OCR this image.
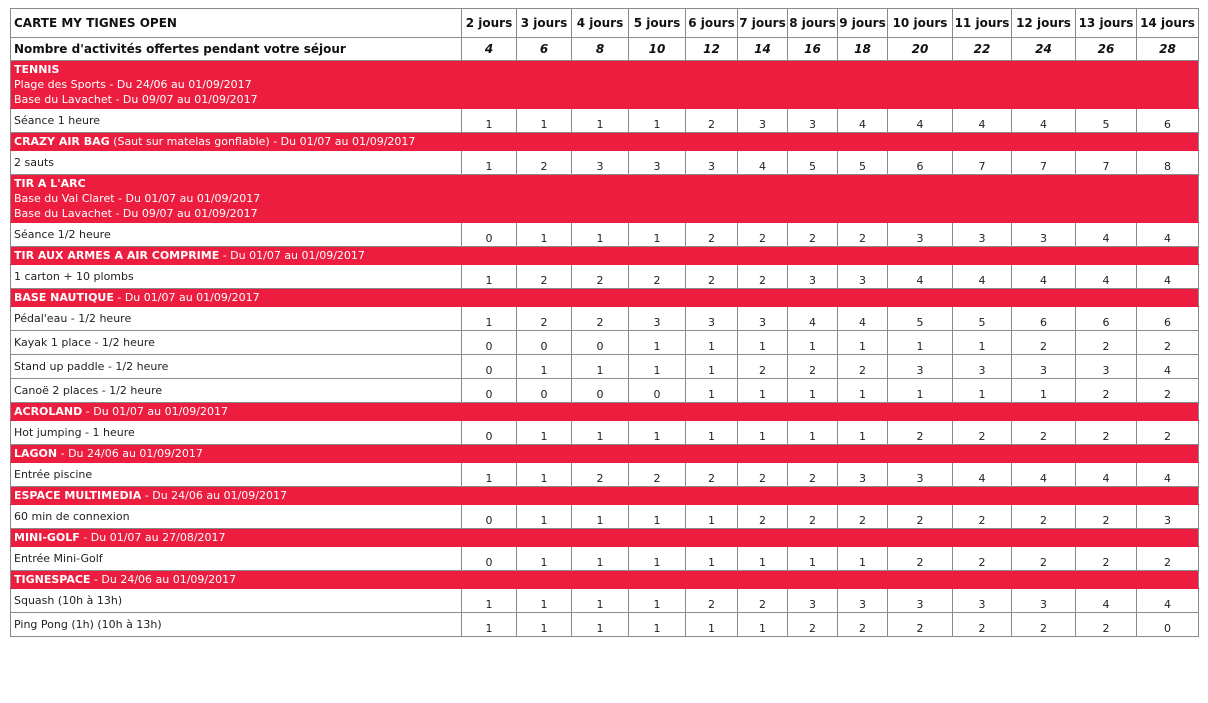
CARTE MY TIGNES OPEN	2 jours	3 jours	4 jours	5 jours	6 jours	7 jours	8 jours	9 jours	10 jours	11 jours	12 jours	13 jours	14 jours
Nombre d'activités offertes pendant votre séjour	4	6	8	10	12	14	16	18	20	22	24	26	28

TENNIS
Plage des Sports - Du 24/06 au 01/09/2017
Base du Lavachet - Du 09/07 au 01/09/2017													

Séance 1 heure	1	1	1	1	2	3	3	4	4	4	4	5	6

CRAZY AIR BAG (Saut sur matelas gonflable) - Du 01/07 au 01/09/2017													

2 sauts	1	2	3	3	3	4	5	5	6	7	7	7	8

TIR A L'ARC
Base du Val Claret - Du 01/07 au 01/09/2017
Base du Lavachet - Du 09/07 au 01/09/2017													

Séance 1/2 heure	0	1	1	1	2	2	2	2	3	3	3	4	4

TIR AUX ARMES A AIR COMPRIME - Du 01/07 au 01/09/2017													

1 carton + 10 plombs	1	2	2	2	2	2	3	3	4	4	4	4	4

BASE NAUTIQUE - Du 01/07 au 01/09/2017													

Pédal'eau - 1/2 heure	1	2	2	3	3	3	4	4	5	5	6	6	6
Kayak 1 place - 1/2 heure	0	0	0	1	1	1	1	1	1	1	2	2	2
Stand up paddle - 1/2 heure	0	1	1	1	1	2	2	2	3	3	3	3	4
Canoë 2 places - 1/2 heure	0	0	0	0	1	1	1	1	1	1	1	2	2

ACROLAND - Du 01/07 au 01/09/2017													

Hot jumping - 1 heure	0	1	1	1	1	1	1	1	2	2	2	2	2

LAGON - Du 24/06 au 01/09/2017													

Entrée piscine	1	1	2	2	2	2	2	3	3	4	4	4	4

ESPACE MULTIMEDIA - Du 24/06 au 01/09/2017													

60 min de connexion	0	1	1	1	1	2	2	2	2	2	2	2	3

MINI-GOLF - Du 01/07 au 27/08/2017													

Entrée Mini-Golf	0	1	1	1	1	1	1	1	2	2	2	2	2

TIGNESPACE - Du 24/06 au 01/09/2017													

Squash (10h à 13h)	1	1	1	1	2	2	3	3	3	3	3	4	4
Ping Pong (1h) (10h à 13h)	1	1	1	1	1	1	2	2	2	2	2	2	0
